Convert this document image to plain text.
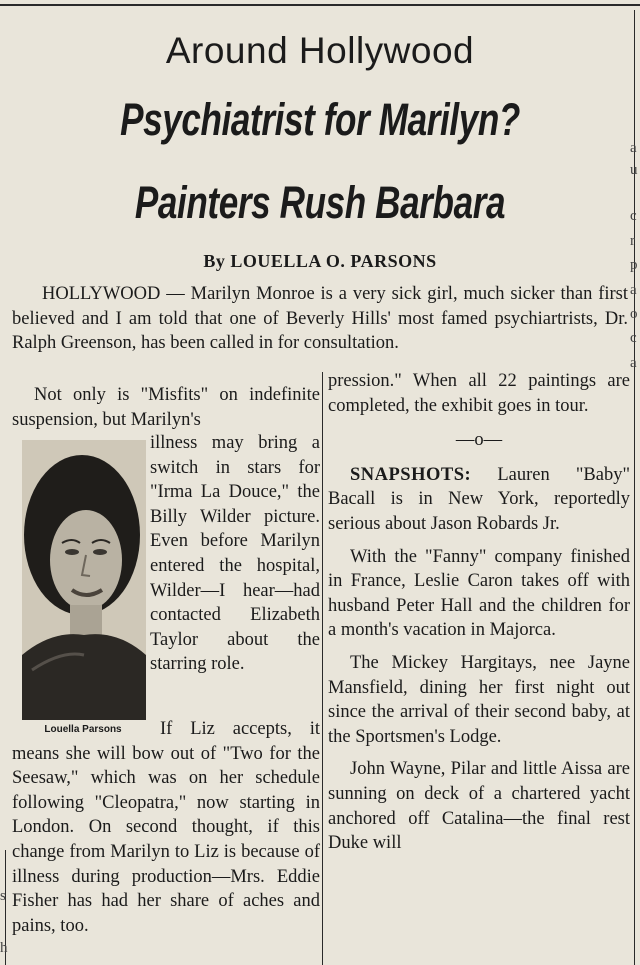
Around Hollywood
Psychiatrist for Marilyn?
Painters Rush Barbara
By LOUELLA O. PARSONS

HOLLYWOOD — Marilyn Monroe is a very sick girl, much sicker than first believed and I am told that one of Beverly Hills' most famed psychiartrists, Dr. Ralph Greenson, has been called in for consultation.

Not only is "Misfits" on indefinite suspension, but Marilyn's

Louella Parsons

illness may bring a switch in stars for "Irma La Douce," the Billy Wilder picture. Even before Marilyn entered the hospital, Wilder—I hear—had contacted Elizabeth Taylor about the starring role.

If Liz accepts, it means she will bow out of "Two for the Seesaw," which was on her schedule following "Cleopatra," now starting in London. On second thought, if this change from Marilyn to Liz is because of illness during production—Mrs. Eddie Fisher has had her share of aches and pains, too.

pression." When all 22 paintings are completed, the exhibit goes in tour.

—o—

SNAPSHOTS: Lauren "Baby" Bacall is in New York, reportedly serious about Jason Robards Jr.

With the "Fanny" company finished in France, Leslie Caron takes off with husband Peter Hall and the children for a month's vacation in Majorca.

The Mickey Hargitays, nee Jayne Mansfield, dining her first night out since the arrival of their second baby, at the Sportsmen's Lodge.

John Wayne, Pilar and little Aissa are sunning on deck of a chartered yacht anchored off Catalina—the final rest Duke will

a
u
c
r
p
a
o
c
a
s
h
